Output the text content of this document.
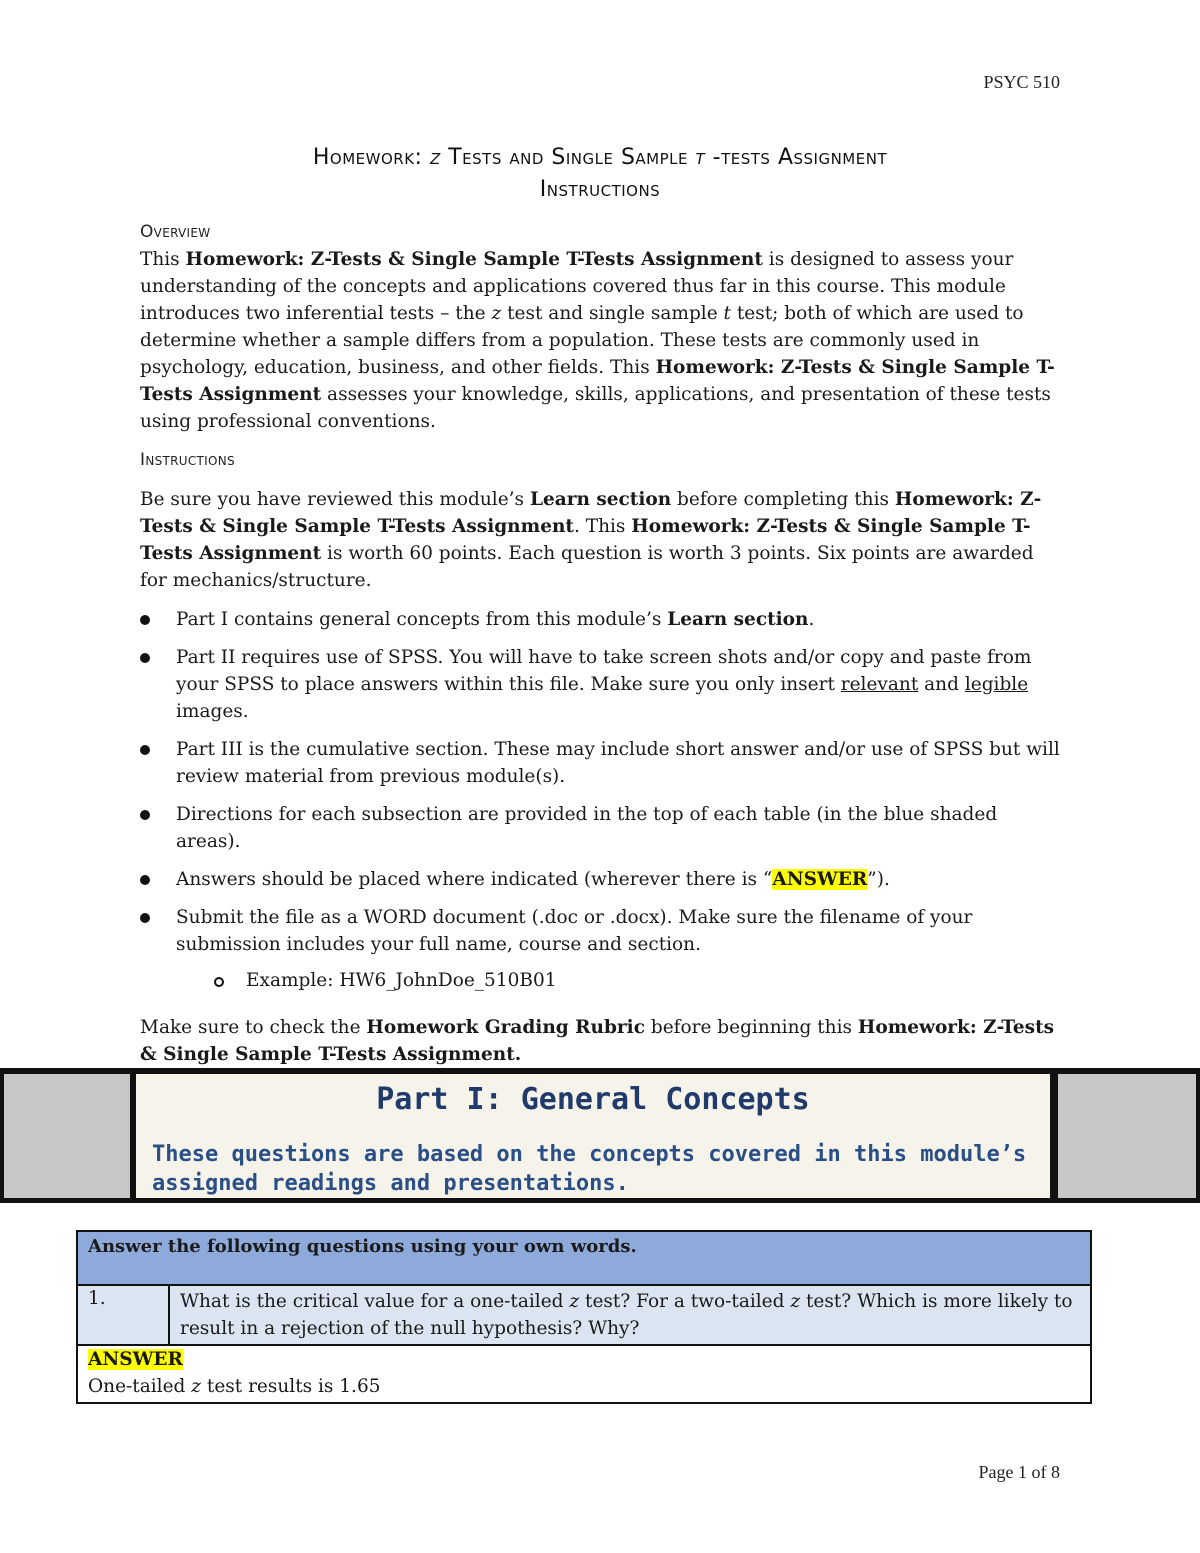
PSYC 510
Homework: z Tests and Single Sample t -tests Assignment
Instructions
Overview
This Homework: Z-Tests & Single Sample T-Tests Assignment is designed to assess your understanding of the concepts and applications covered thus far in this course. This module introduces two inferential tests – the z test and single sample t test; both of which are used to determine whether a sample differs from a population. These tests are commonly used in psychology, education, business, and other fields. This Homework: Z-Tests & Single Sample T-Tests Assignment assesses your knowledge, skills, applications, and presentation of these tests using professional conventions.
Instructions
Be sure you have reviewed this module’s Learn section before completing this Homework: Z-Tests & Single Sample T-Tests Assignment. This Homework: Z-Tests & Single Sample T-Tests Assignment is worth 60 points. Each question is worth 3 points. Six points are awarded for mechanics/structure.
Part I contains general concepts from this module’s Learn section.
Part II requires use of SPSS. You will have to take screen shots and/or copy and paste from your SPSS to place answers within this file. Make sure you only insert relevant and legible images.
Part III is the cumulative section. These may include short answer and/or use of SPSS but will review material from previous module(s).
Directions for each subsection are provided in the top of each table (in the blue shaded areas).
Answers should be placed where indicated (wherever there is “ANSWER”).
Submit the file as a WORD document (.doc or .docx). Make sure the filename of your submission includes your full name, course and section.
Example: HW6_JohnDoe_510B01
Make sure to check the Homework Grading Rubric before beginning this Homework: Z-Tests & Single Sample T-Tests Assignment.
Part I: General Concepts
These questions are based on the concepts covered in this module’s assigned readings and presentations.
Answer the following questions using your own words.
1.	What is the critical value for a one-tailed z test? For a two-tailed z test? Which is more likely to result in a rejection of the null hypothesis? Why?
ANSWER
One-tailed z test results is 1.65
Page 1 of 8
